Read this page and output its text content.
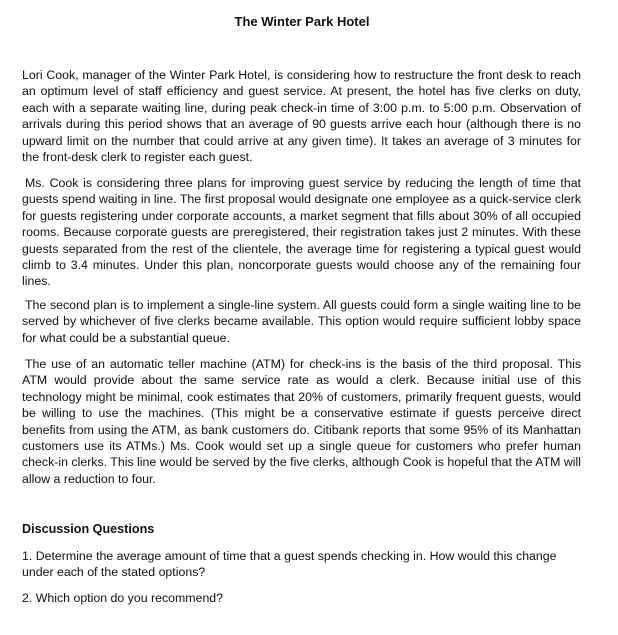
The Winter Park Hotel

Lori Cook, manager of the Winter Park Hotel, is considering how to restructure the front desk to reach an optimum level of staff efficiency and guest service. At present, the hotel has five clerks on duty, each with a separate waiting line, during peak check-in time of 3:00 p.m. to 5:00 p.m. Observation of arrivals during this period shows that an average of 90 guests arrive each hour (although there is no upward limit on the number that could arrive at any given time). It takes an average of 3 minutes for the front-desk clerk to register each guest.

Ms. Cook is considering three plans for improving guest service by reducing the length of time that guests spend waiting in line. The first proposal would designate one employee as a quick-service clerk for guests registering under corporate accounts, a market segment that fills about 30% of all occupied rooms. Because corporate guests are preregistered, their registration takes just 2 minutes. With these guests separated from the rest of the clientele, the average time for registering a typical guest would climb to 3.4 minutes. Under this plan, noncorporate guests would choose any of the remaining four lines.

The second plan is to implement a single-line system. All guests could form a single waiting line to be served by whichever of five clerks became available. This option would require sufficient lobby space for what could be a substantial queue.

The use of an automatic teller machine (ATM) for check-ins is the basis of the third proposal. This ATM would provide about the same service rate as would a clerk. Because initial use of this technology might be minimal, cook estimates that 20% of customers, primarily frequent guests, would be willing to use the machines. (This might be a conservative estimate if guests perceive direct benefits from using the ATM, as bank customers do. Citibank reports that some 95% of its Manhattan customers use its ATMs.) Ms. Cook would set up a single queue for customers who prefer human check-in clerks. This line would be served by the five clerks, although Cook is hopeful that the ATM will allow a reduction to four.

Discussion Questions

1. Determine the average amount of time that a guest spends checking in. How would this change under each of the stated options?

2. Which option do you recommend?
